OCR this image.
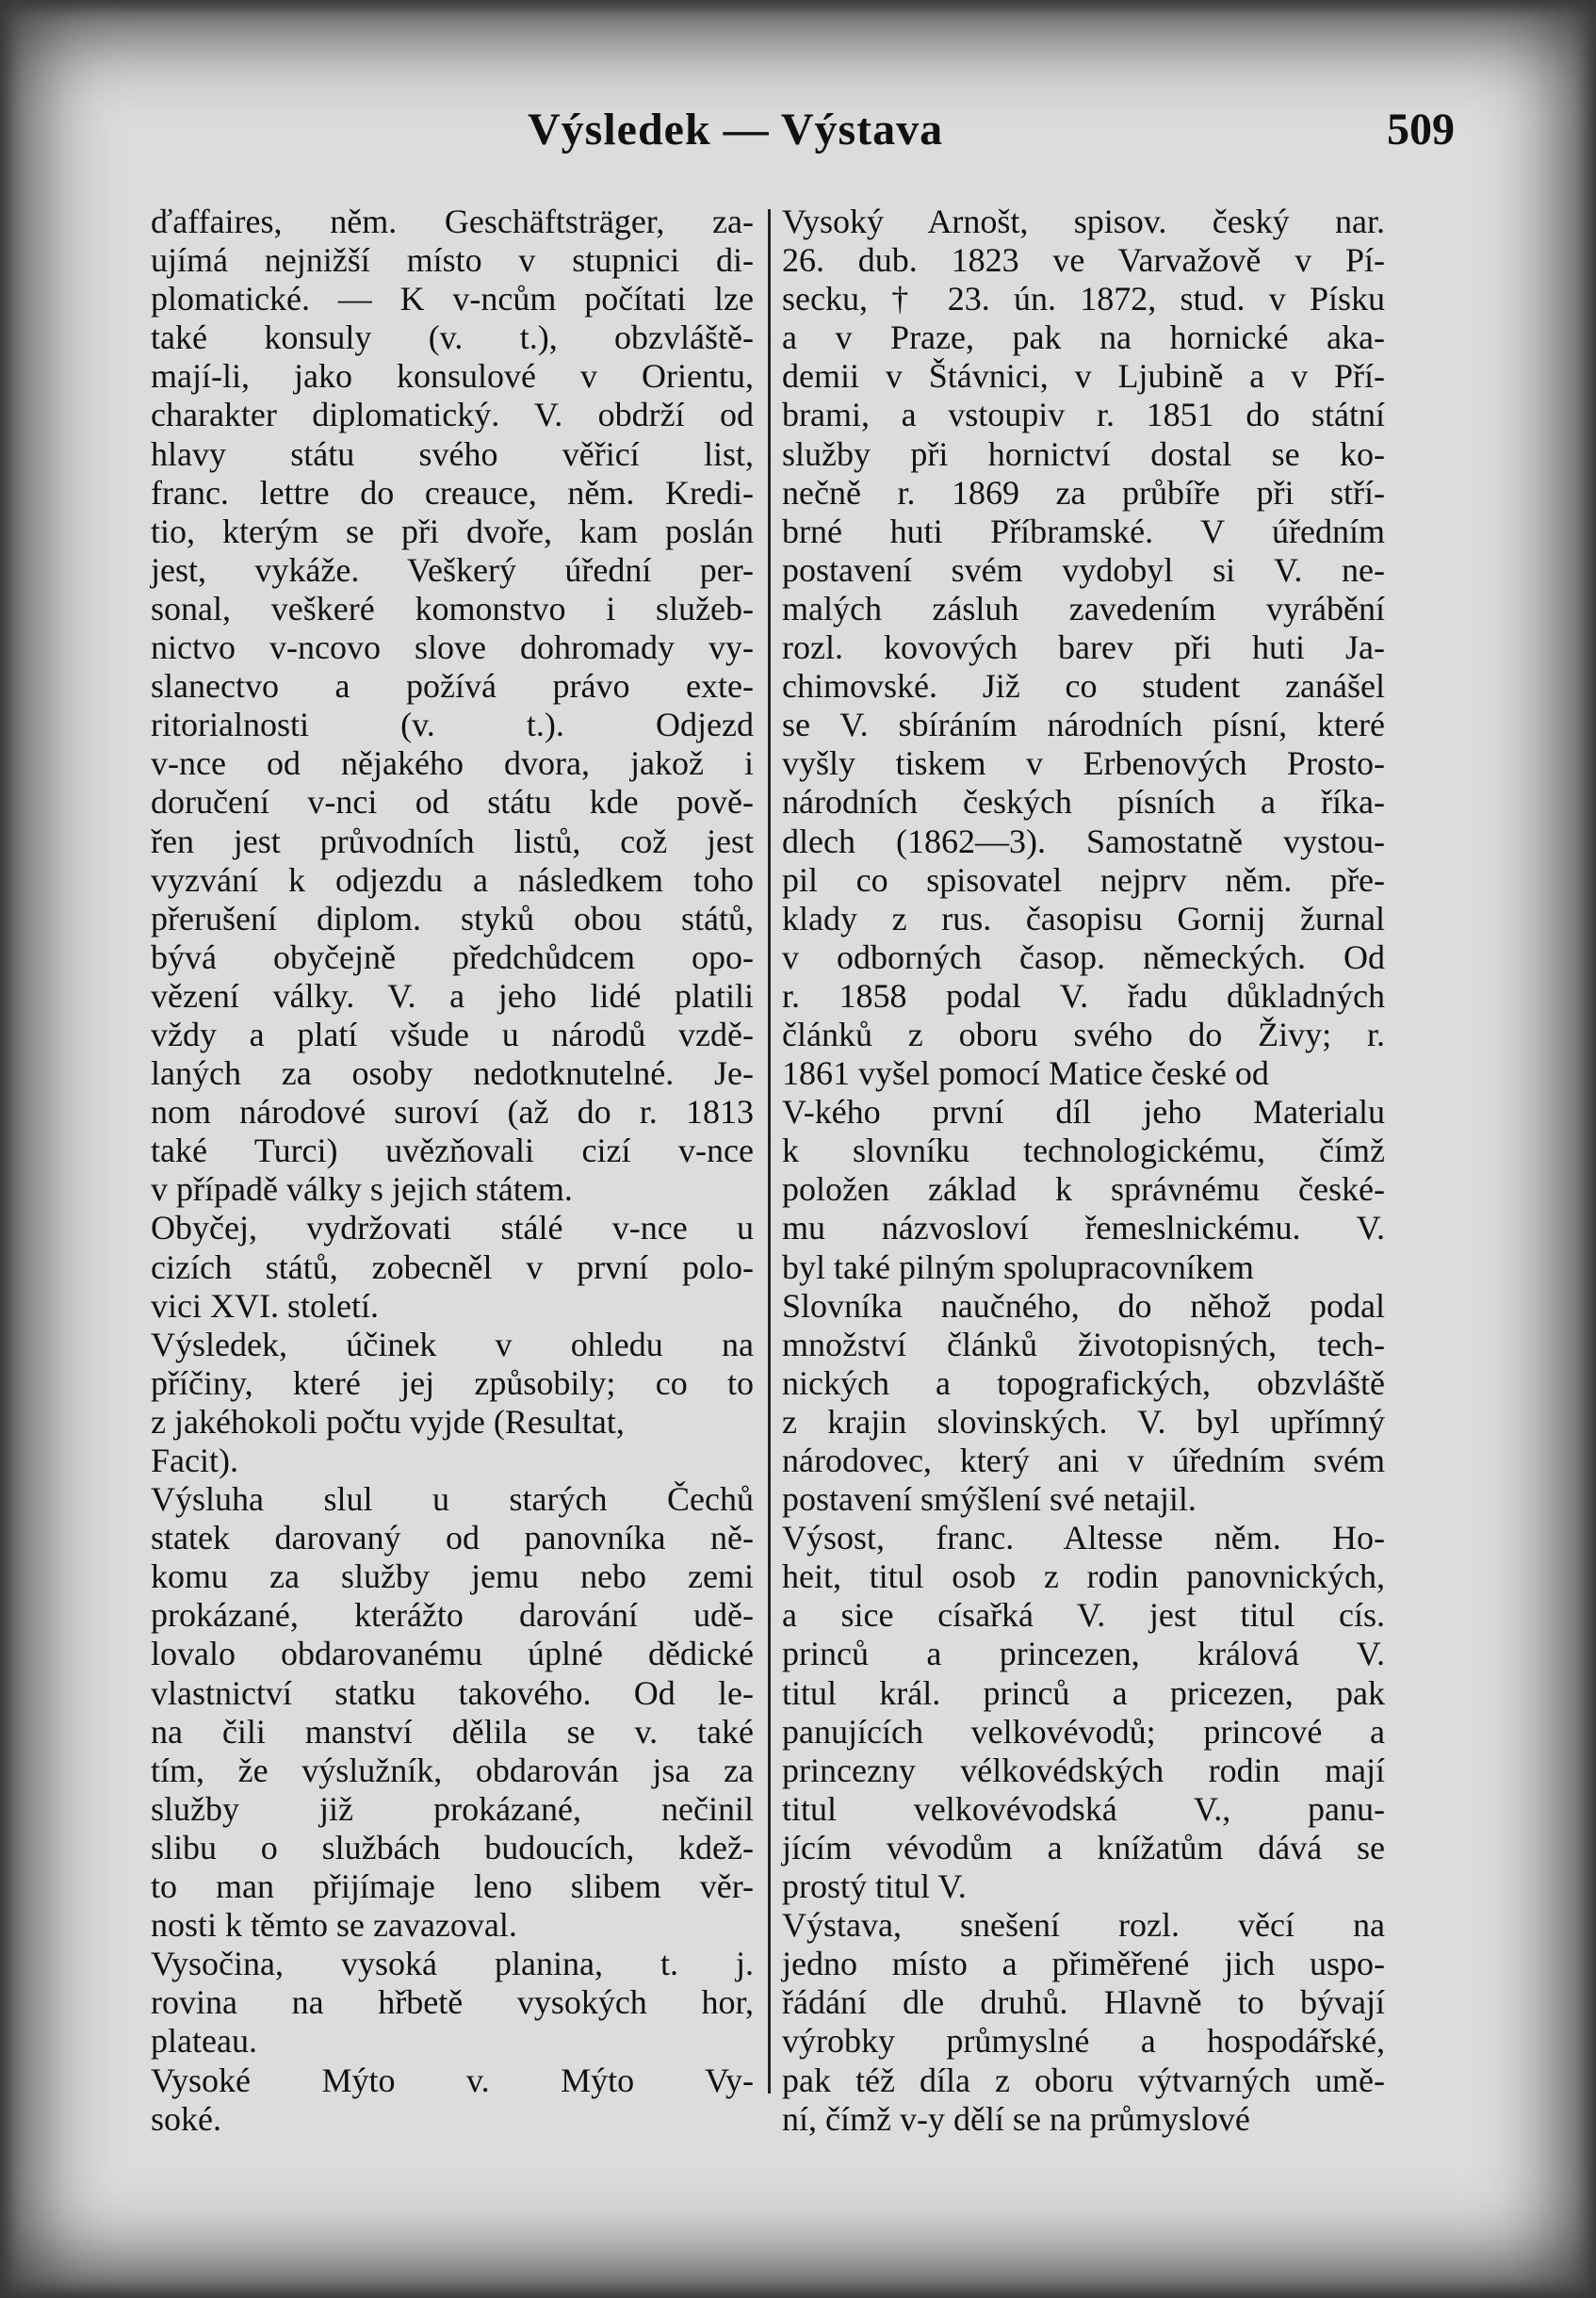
Výsledek — Výstava	509
ďaffaires, něm. Geschäftsträger, za-
ujímá nejnižší místo v stupnici di-
plomatické. — K v-ncům počítati lze
také konsuly (v. t.), obzvláště-
mají-li, jako konsulové v Orientu,
charakter diplomatický. V. obdrží od
hlavy státu svého věřicí list,
franc. lettre do creauce, něm. Kredi-
tio, kterým se při dvoře, kam poslán
jest, vykáže. Veškerý úřední per-
sonal, veškeré komonstvo i služeb-
nictvo v-ncovo slove dohromady vy-
slanectvo a požívá právo exte-
ritorialnosti (v. t.). Odjezd
v-nce od nějakého dvora, jakož i
doručení v-nci od státu kde pově-
řen jest průvodních listů, což jest
vyzvání k odjezdu a následkem toho
přerušení diplom. styků obou států,
bývá obyčejně předchůdcem opo-
vězení války. V. a jeho lidé platili
vždy a platí všude u národů vzdě-
laných za osoby nedotknutelné. Je-
nom národové suroví (až do r. 1813
také Turci) uvězňovali cizí v-nce
v případě války s jejich státem.
Obyčej, vydržovati stálé v-nce u
cizích států, zobecněl v první polo-
vici XVI. století.
Výsledek, účinek v ohledu na
příčiny, které jej způsobily; co to
z jakéhokoli počtu vyjde (Resultat,
Facit).
Výsluha slul u starých Čechů
statek darovaný od panovníka ně-
komu za služby jemu nebo zemi
prokázané, kterážto darování udě-
lovalo obdarovanému úplné dědické
vlastnictví statku takového. Od le-
na čili manství dělila se v. také
tím, že výslužník, obdarován jsa za
služby již prokázané, nečinil
slibu o službách budoucích, kdež-
to man přijímaje leno slibem věr-
nosti k těmto se zavazoval.
Vysočina, vysoká planina, t. j.
rovina na hřbetě vysokých hor,
plateau.
Vysoké Mýto v. Mýto Vy-
soké.
Vysoký Arnošt, spisov. český nar.
26. dub. 1823 ve Varvažově v Pí-
secku, † 23. ún. 1872, stud. v Písku
a v Praze, pak na hornické aka-
demii v Štávnici, v Ljubině a v Pří-
brami, a vstoupiv r. 1851 do státní
služby při hornictví dostal se ko-
nečně r. 1869 za průbíře při stří-
brné huti Příbramské. V úředním
postavení svém vydobyl si V. ne-
malých zásluh zavedením vyrábění
rozl. kovových barev při huti Ja-
chimovské. Již co student zanášel
se V. sbíráním národních písní, které
vyšly tiskem v Erbenových Prosto-
národních českých písních a říka-
dlech (1862—3). Samostatně vystou-
pil co spisovatel nejprv něm. pře-
klady z rus. časopisu Gornij žurnal
v odborných časop. německých. Od
r. 1858 podal V. řadu důkladných
článků z oboru svého do Živy; r.
1861 vyšel pomocí Matice české od
V-kého první díl jeho Materialu
k slovníku technologickému, čímž
položen základ k správnému české-
mu názvosloví řemeslnickému. V.
byl také pilným spolupracovníkem
Slovníka naučného, do něhož podal
množství článků životopisných, tech-
nických a topografických, obzvláště
z krajin slovinských. V. byl upřímný
národovec, který ani v úředním svém
postavení smýšlení své netajil.
Výsost, franc. Altesse něm. Ho-
heit, titul osob z rodin panovnických,
a sice císařká V. jest titul cís.
princů a princezen, králová V.
titul král. princů a pricezen, pak
panujících velkovévodů; princové a
princezny vélkovédských rodin mají
titul velkovévodská V., panu-
jícím vévodům a knížatům dává se
prostý titul V.
Výstava, snešení rozl. věcí na
jedno místo a přiměřené jich uspo-
řádání dle druhů. Hlavně to bývají
výrobky průmyslné a hospodářské,
pak též díla z oboru výtvarných umě-
ní, čímž v-y dělí se na průmyslové
